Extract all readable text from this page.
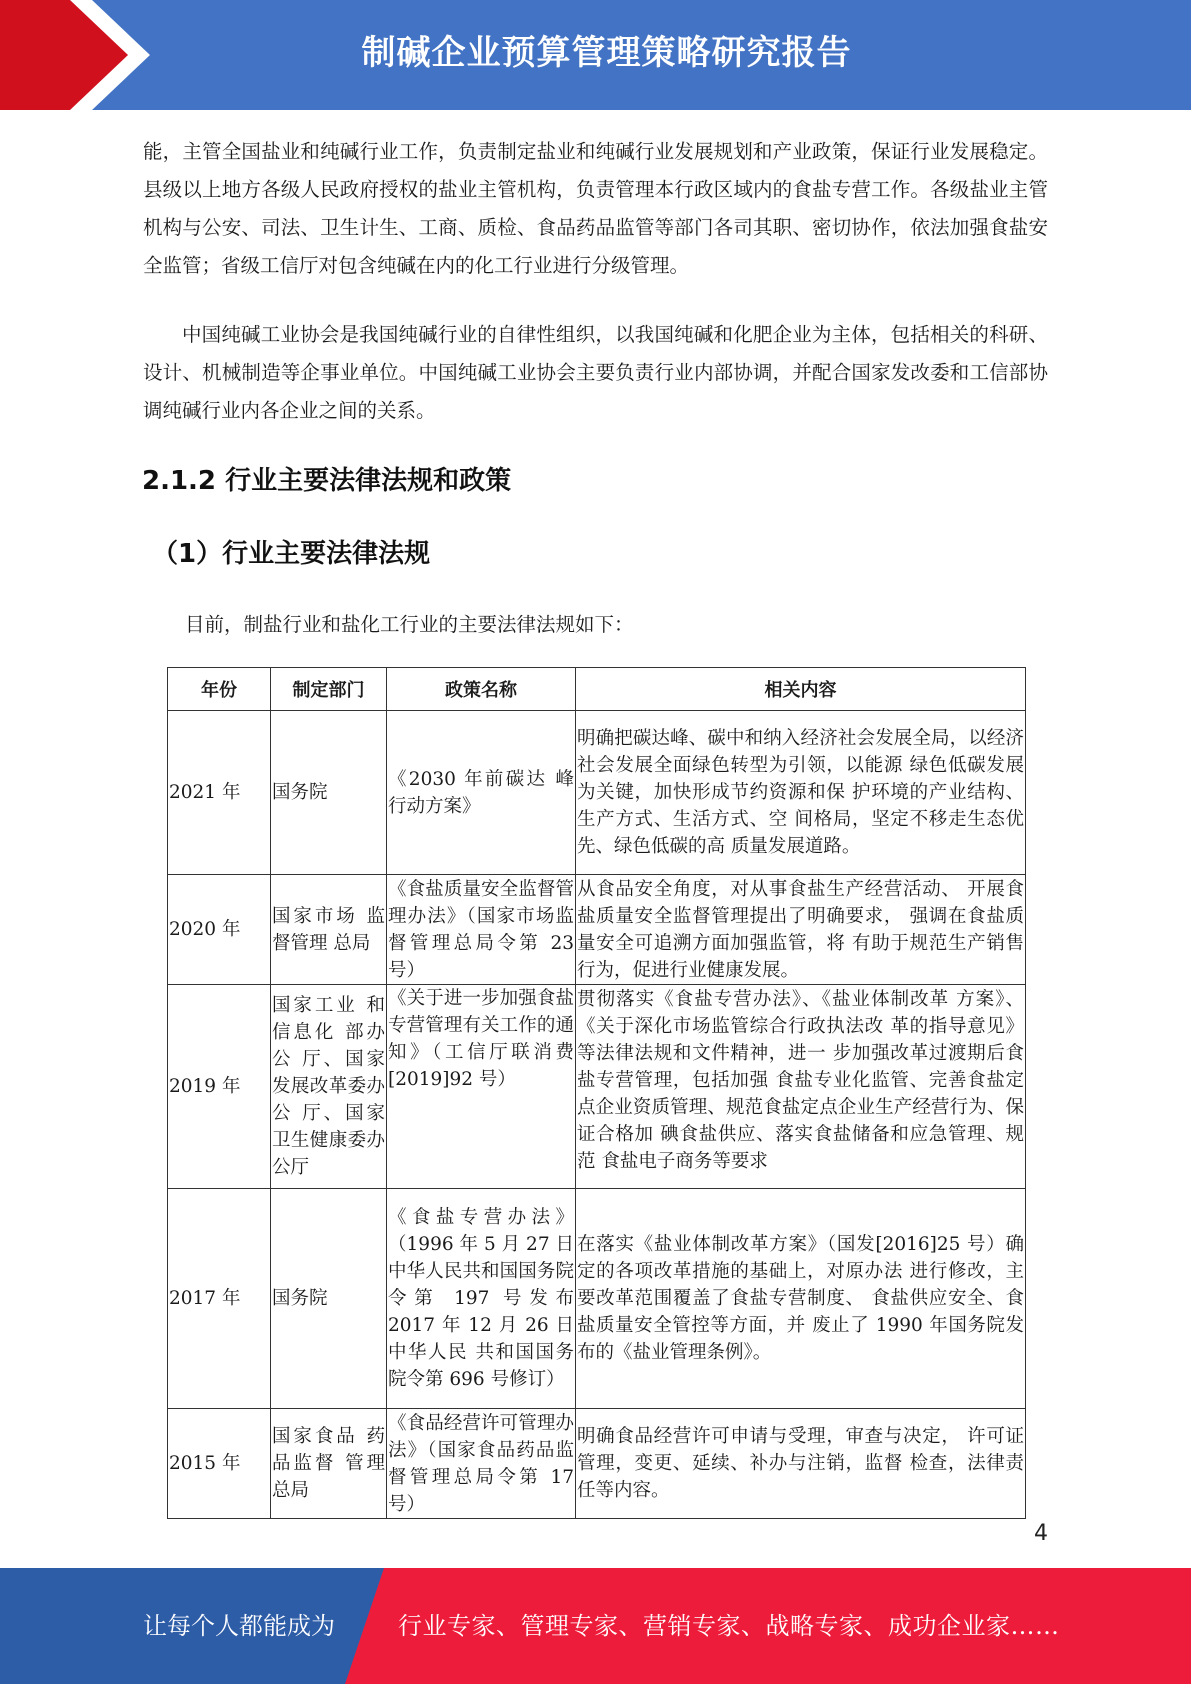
制碱企业预算管理策略研究报告

能，主管全国盐业和纯碱行业工作，负责制定盐业和纯碱行业发展规划和产业政策，保证行业发展稳定。县级以上地方各级人民政府授权的盐业主管机构，负责管理本行政区域内的食盐专营工作。各级盐业主管机构与公安、司法、卫生计生、工商、质检、食品药品监管等部门各司其职、密切协作，依法加强食盐安全监管；省级工信厅对包含纯碱在内的化工行业进行分级管理。

中国纯碱工业协会是我国纯碱行业的自律性组织，以我国纯碱和化肥企业为主体，包括相关的科研、设计、机械制造等企事业单位。中国纯碱工业协会主要负责行业内部协调，并配合国家发改委和工信部协调纯碱行业内各企业之间的关系。

2.1.2 行业主要法律法规和政策
（1）行业主要法律法规

目前，制盐行业和盐化工行业的主要法律法规如下：

年份	制定部门	政策名称	相关内容
2021 年	国务院	《2030 年前碳达 峰行动方案》	明确把碳达峰、碳中和纳入经济社会发展全局，以经济社会发展全面绿色转型为引领，以能源 绿色低碳发展为关键，加快形成节约资源和保 护环境的产业结构、生产方式、生活方式、空 间格局，坚定不移走生态优先、绿色低碳的高 质量发展道路。
2020 年	国家市场 监督管理 总局	《食盐质量安全监督管理办法》（国家市场监督管理总局令第 23 号）	从食品安全角度，对从事食盐生产经营活动、 开展食盐质量安全监督管理提出了明确要求， 强调在食盐质量安全可追溯方面加强监管，将 有助于规范生产销售行为，促进行业健康发展。
2019 年	国家工业 和信息化 部办公 厅、国家发展改革委办公 厅、国家 卫生健康委办公厅	《关于进一步加强食盐专营管理有关工作的通知》（工信厅联消费 [2019]92 号）	贯彻落实《食盐专营办法》、《盐业体制改革 方案》、《关于深化市场监管综合行政执法改 革的指导意见》等法律法规和文件精神，进一 步加强改革过渡期后食盐专营管理，包括加强 食盐专业化监管、完善食盐定点企业资质管理、规范食盐定点企业生产经营行为、保证合格加 碘食盐供应、落实食盐储备和应急管理、规范 食盐电子商务等要求

2017 年	国务院	《食盐专营办法》（1996 年 5 月 27 日中华人民共和国国务院令第 197 号发布 2017 年 12 月 26 日中华人民 共和国国务院令第 696 号修订）	在落实《盐业体制改革方案》（国发[2016]25 号）确定的各项改革措施的基础上，对原办法 进行修改，主要改革范围覆盖了食盐专营制度、 食盐供应安全、食盐质量安全管控等方面，并 废止了 1990 年国务院发布的《盐业管理条例》。
2015 年	国家食品 药品监督 管理总局	《食品经营许可管理办法》（国家食品药品监督管理总局令第 17 号）	明确食品经营许可申请与受理，审查与决定， 许可证管理，变更、延续、补办与注销，监督 检查，法律责任等内容。
4
让每个人都能成为	行业专家、管理专家、营销专家、战略专家、成功企业家……
